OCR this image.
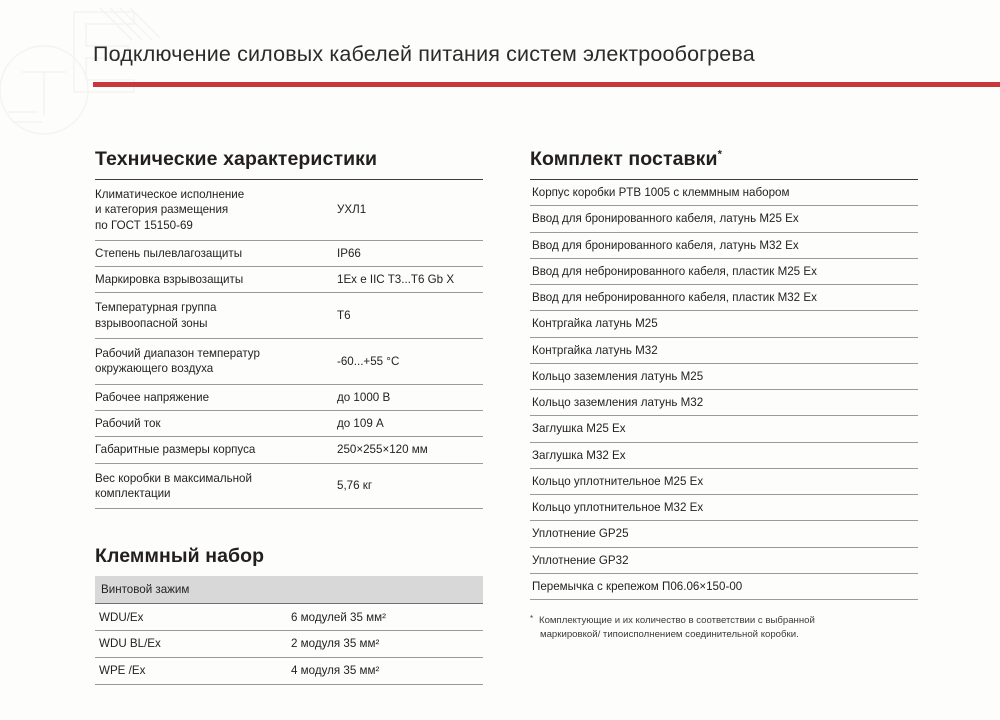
Подключение силовых кабелей питания систем электрообогрева
Технические характеристики
Климатическое исполнение
и категория размещения
по ГОСТ 15150-69	УХЛ1
Степень пылевлагозащиты	IP66
Маркировка взрывозащиты	1Ex e IIC T3...T6 Gb X
Температурная группа
взрывоопасной зоны	T6
Рабочий диапазон температур
окружающего воздуха	-60...+55 °C
Рабочее напряжение	до 1000 В
Рабочий ток	до 109 A
Габаритные размеры корпуса	250×255×120 мм
Вес коробки в максимальной
комплектации	5,76 кг
Клеммный набор
Винтовой зажим	
WDU/Ex	6 модулей 35 мм²
WDU BL/Ex	2 модуля 35 мм²
WPE /Ex	4 модуля 35 мм²
Комплект поставки*
Корпус коробки PTB 1005 с клеммным набором
Ввод для бронированного кабеля, латунь M25 Ex
Ввод для бронированного кабеля, латунь M32 Ex
Ввод для небронированного кабеля, пластик M25 Ex
Ввод для небронированного кабеля, пластик M32 Ex
Контргайка латунь M25
Контргайка латунь M32
Кольцо заземления латунь M25
Кольцо заземления латунь M32
Заглушка M25 Ex
Заглушка M32 Ex
Кольцо уплотнительное M25 Ex
Кольцо уплотнительное M32 Ex
Уплотнение GP25
Уплотнение GP32
Перемычка с крепежом П06.06×150-00
* Комплектующие и их количество в соответствии с выбранной
маркировкой/ типоисполнением соединительной коробки.
